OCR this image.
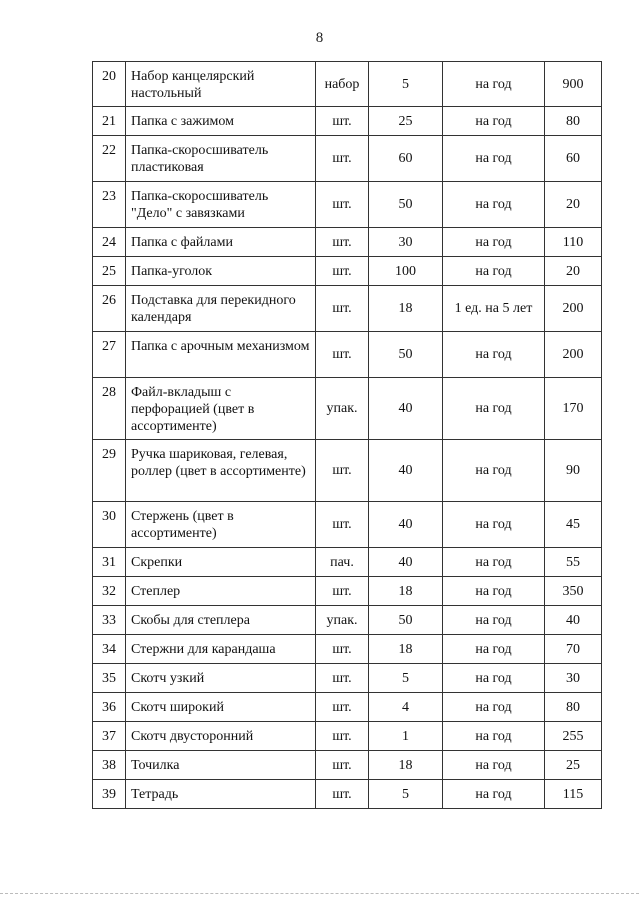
8
20	Набор канцелярский настольный	набор	5	на год	900
21	Папка с зажимом	шт.	25	на год	80
22	Папка-скоросшиватель пластиковая	шт.	60	на год	60
23	Папка-скоросшиватель "Дело" с завязками	шт.	50	на год	20
24	Папка с файлами	шт.	30	на год	110
25	Папка-уголок	шт.	100	на год	20
26	Подставка для перекидного календаря	шт.	18	1 ед. на 5 лет	200
27	Папка с арочным механизмом	шт.	50	на год	200
28	Файл-вкладыш с перфорацией (цвет в ассортименте)	упак.	40	на год	170
29	Ручка шариковая, гелевая, роллер (цвет в ассортименте)	шт.	40	на год	90
30	Стержень (цвет в ассортименте)	шт.	40	на год	45
31	Скрепки	пач.	40	на год	55
32	Степлер	шт.	18	на год	350
33	Скобы для степлера	упак.	50	на год	40
34	Стержни для карандаша	шт.	18	на год	70
35	Скотч узкий	шт.	5	на год	30
36	Скотч широкий	шт.	4	на год	80
37	Скотч двусторонний	шт.	1	на год	255
38	Точилка	шт.	18	на год	25
39	Тетрадь	шт.	5	на год	115
